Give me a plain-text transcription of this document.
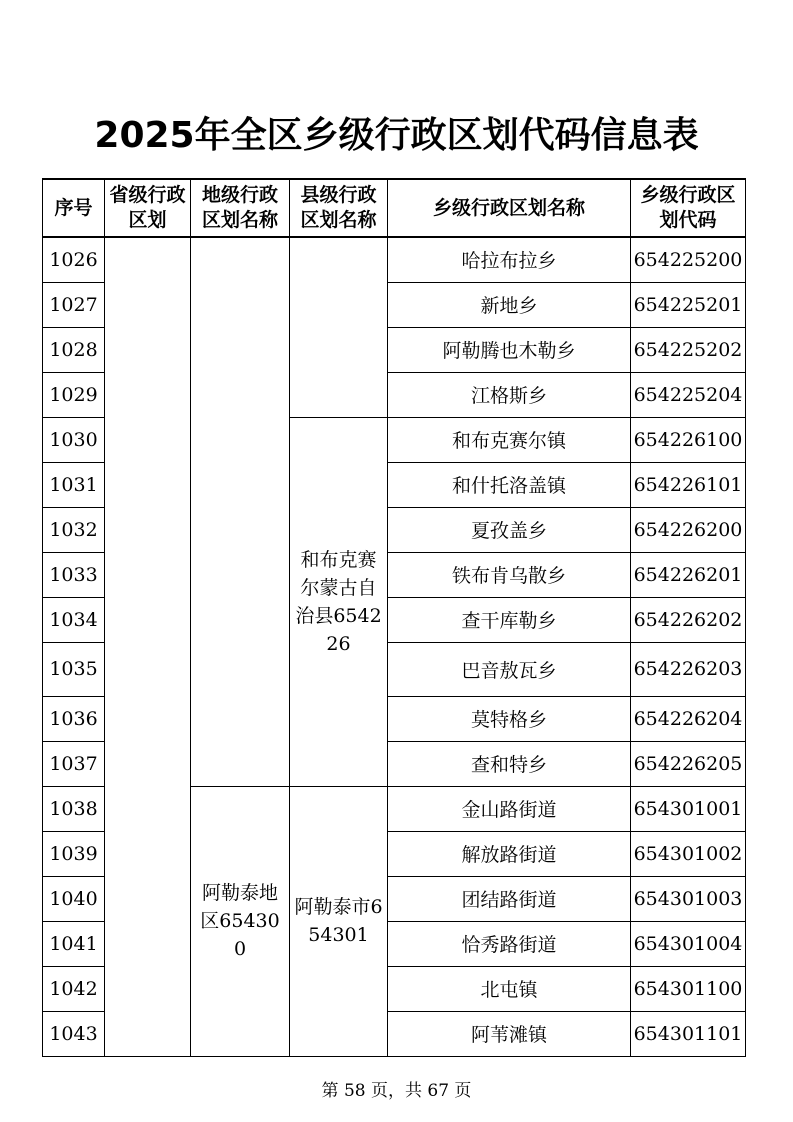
2025年全区乡级行政区划代码信息表
序号	省级行政区划	地级行政区划名称	县级行政区划名称	乡级行政区划名称	乡级行政区划代码

1026				哈拉布拉乡	654225200
1027				新地乡	654225201
1028				阿勒腾也木勒乡	654225202
1029				江格斯乡	654225204
1030			和布克赛尔蒙古自治县654226	和布克赛尔镇	654226100
1031				和什托洛盖镇	654226101
1032				夏孜盖乡	654226200
1033				铁布肯乌散乡	654226201
1034				查干库勒乡	654226202
1035				巴音敖瓦乡	654226203
1036				莫特格乡	654226204
1037				查和特乡	654226205
1038		阿勒泰地区654300	阿勒泰市654301	金山路街道	654301001
1039				解放路街道	654301002
1040				团结路街道	654301003
1041				恰秀路街道	654301004
1042				北屯镇	654301100
1043				阿苇滩镇	654301101
第 58 页，共 67 页
